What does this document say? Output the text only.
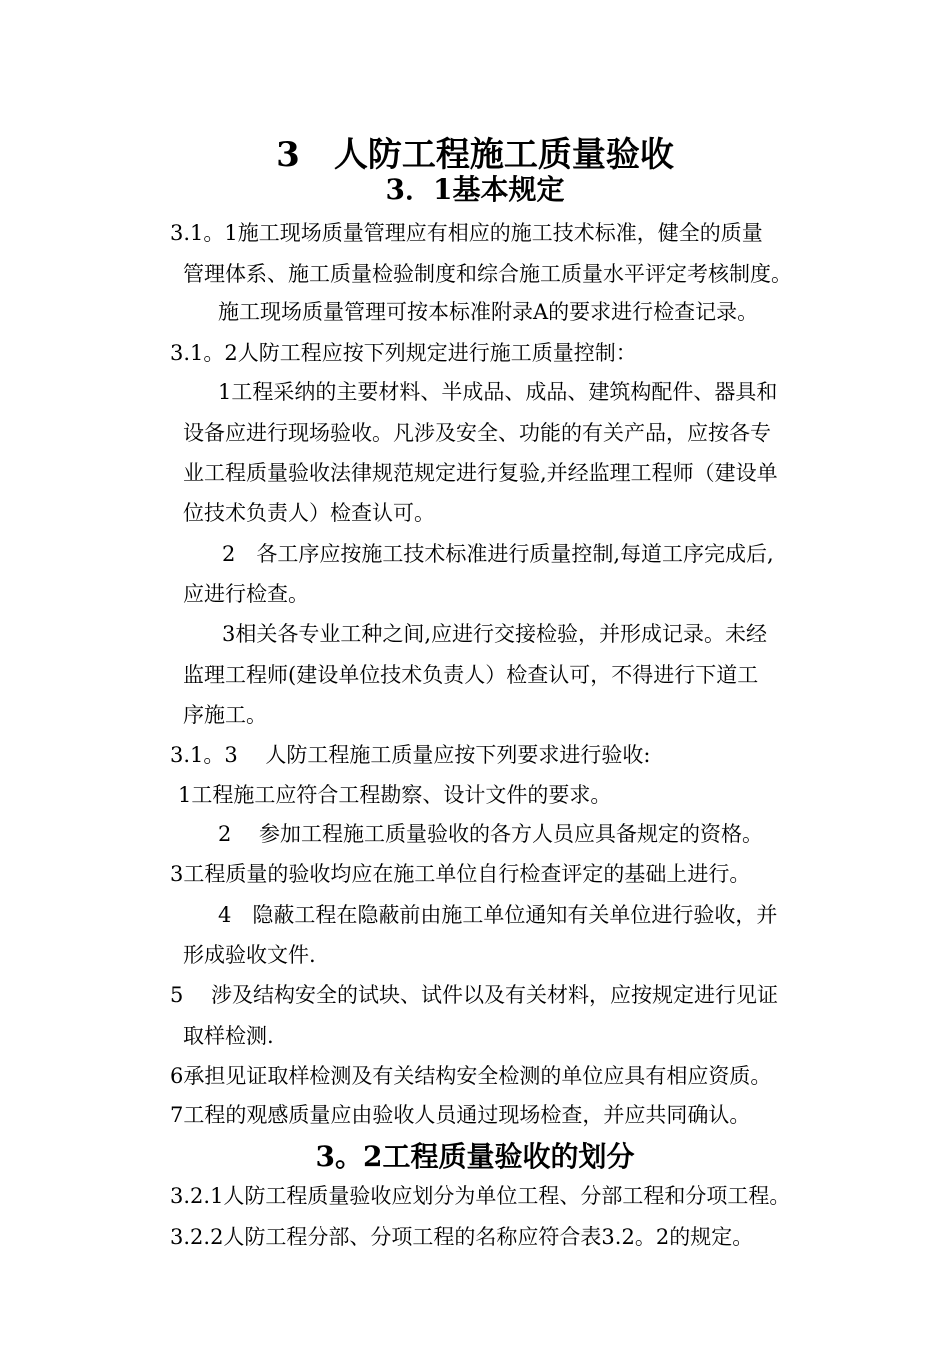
3　人防工程施工质量验收
3．1基本规定
3.1。1施工现场质量管理应有相应的施工技术标准，健全的质量
管理体系、施工质量检验制度和综合施工质量水平评定考核制度。
施工现场质量管理可按本标准附录A的要求进行检查记录。
3.1。2人防工程应按下列规定进行施工质量控制：
1工程采纳的主要材料、半成品、成品、建筑构配件、器具和
设备应进行现场验收。凡涉及安全、功能的有关产品，应按各专
业工程质量验收法律规范规定进行复验,并经监理工程师（建设单
位技术负责人）检查认可。
2　各工序应按施工技术标准进行质量控制,每道工序完成后,
应进行检查。
3相关各专业工种之间,应进行交接检验，并形成记录。未经
监理工程师(建设单位技术负责人）检查认可，不得进行下道工
序施工。
3.1。3　 人防工程施工质量应按下列要求进行验收:
1工程施工应符合工程勘察、设计文件的要求。
2　 参加工程施工质量验收的各方人员应具备规定的资格。
3工程质量的验收均应在施工单位自行检查评定的基础上进行。
4　隐蔽工程在隐蔽前由施工单位通知有关单位进行验收，并
形成验收文件.
5　 涉及结构安全的试块、试件以及有关材料，应按规定进行见证
取样检测.
6承担见证取样检测及有关结构安全检测的单位应具有相应资质。
7工程的观感质量应由验收人员通过现场检查，并应共同确认。
3。2工程质量验收的划分
3.2.1人防工程质量验收应划分为单位工程、分部工程和分项工程。
3.2.2人防工程分部、分项工程的名称应符合表3.2。2的规定。
